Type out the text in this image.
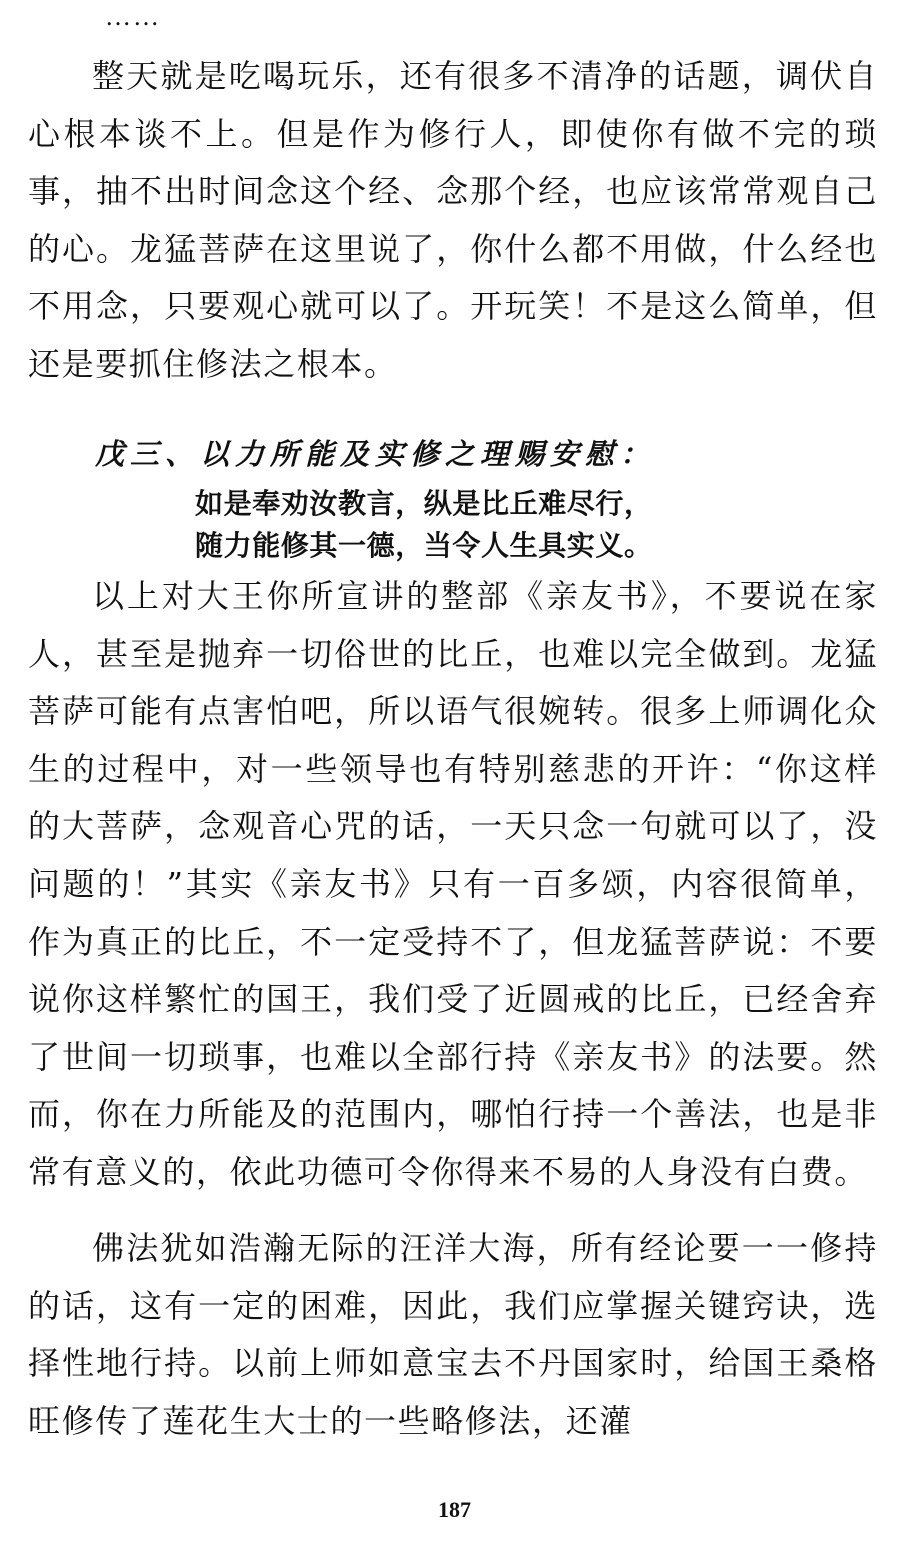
……

整天就是吃喝玩乐，还有很多不清净的话题，调伏自心根本谈不上。但是作为修行人，即使你有做不完的琐事，抽不出时间念这个经、念那个经，也应该常常观自己的心。龙猛菩萨在这里说了，你什么都不用做，什么经也不用念，只要观心就可以了。开玩笑！不是这么简单，但还是要抓住修法之根本。

戊三、以力所能及实修之理赐安慰：

如是奉劝汝教言，纵是比丘难尽行，

随力能修其一德，当令人生具实义。

以上对大王你所宣讲的整部《亲友书》，不要说在家人，甚至是抛弃一切俗世的比丘，也难以完全做到。龙猛菩萨可能有点害怕吧，所以语气很婉转。很多上师调化众生的过程中，对一些领导也有特别慈悲的开许：“你这样的大菩萨，念观音心咒的话，一天只念一句就可以了，没问题的！”其实《亲友书》只有一百多颂，内容很简单，作为真正的比丘，不一定受持不了，但龙猛菩萨说：不要说你这样繁忙的国王，我们受了近圆戒的比丘，已经舍弃了世间一切琐事，也难以全部行持《亲友书》的法要。然而，你在力所能及的范围内，哪怕行持一个善法，也是非常有意义的，依此功德可令你得来不易的人身没有白费。

佛法犹如浩瀚无际的汪洋大海，所有经论要一一修持的话，这有一定的困难，因此，我们应掌握关键窍诀，选择性地行持。以前上师如意宝去不丹国家时，给国王桑格旺修传了莲花生大士的一些略修法，还灌

187
